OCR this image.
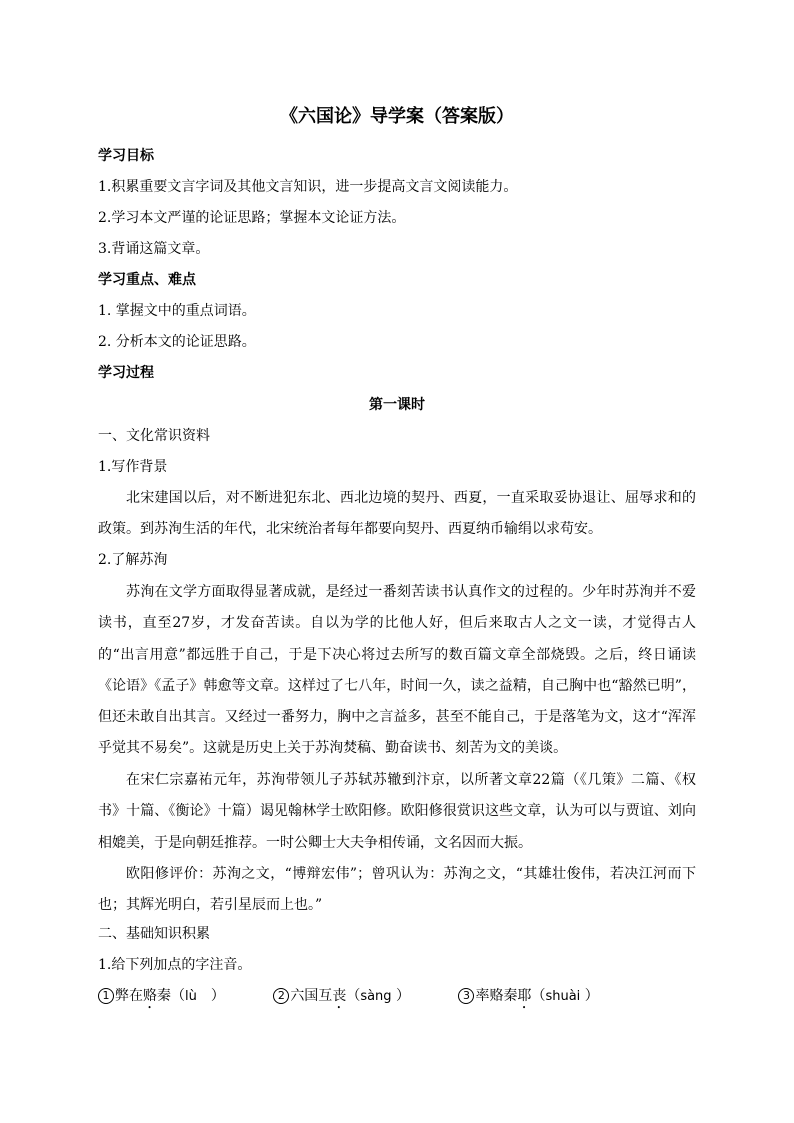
《六国论》导学案（答案版）
学习目标
1.积累重要文言字词及其他文言知识，进一步提高文言文阅读能力。
2.学习本文严谨的论证思路；掌握本文论证方法。
3.背诵这篇文章。
学习重点、难点
1. 掌握文中的重点词语。
2. 分析本文的论证思路。
学习过程
第一课时
一、文化常识资料
1.写作背景
北宋建国以后，对不断进犯东北、西北边境的契丹、西夏，一直采取妥协退让、屈辱求和的政策。到苏洵生活的年代，北宋统治者每年都要向契丹、西夏纳币输绢以求苟安。
2.了解苏洵
苏洵在文学方面取得显著成就，是经过一番刻苦读书认真作文的过程的。少年时苏洵并不爱读书，直至27岁，才发奋苦读。自以为学的比他人好，但后来取古人之文一读，才觉得古人的“出言用意”都远胜于自己，于是下决心将过去所写的数百篇文章全部烧毁。之后，终日诵读《论语》《孟子》韩愈等文章。这样过了七八年，时间一久，读之益精，自己胸中也“豁然已明”，但还未敢自出其言。又经过一番努力，胸中之言益多，甚至不能自己，于是落笔为文，这才“浑浑乎觉其不易矣”。这就是历史上关于苏洵焚稿、勤奋读书、刻苦为文的美谈。
在宋仁宗嘉祐元年，苏洵带领儿子苏轼苏辙到汴京，以所著文章22篇（《几策》二篇、《权书》十篇、《衡论》十篇）谒见翰林学士欧阳修。欧阳修很赏识这些文章，认为可以与贾谊、刘向相媲美，于是向朝廷推荐。一时公卿士大夫争相传诵，文名因而大振。
欧阳修评价：苏洵之文，“博辩宏伟”；曾巩认为：苏洵之文，“其雄壮俊伟，若决江河而下也；其辉光明白，若引星辰而上也。”
二、基础知识积累
1.给下列加点的字注音。
1 弊在赂秦（lù　）	2 六国互丧（sàng ）	3 率赂秦耶（shuài ）
